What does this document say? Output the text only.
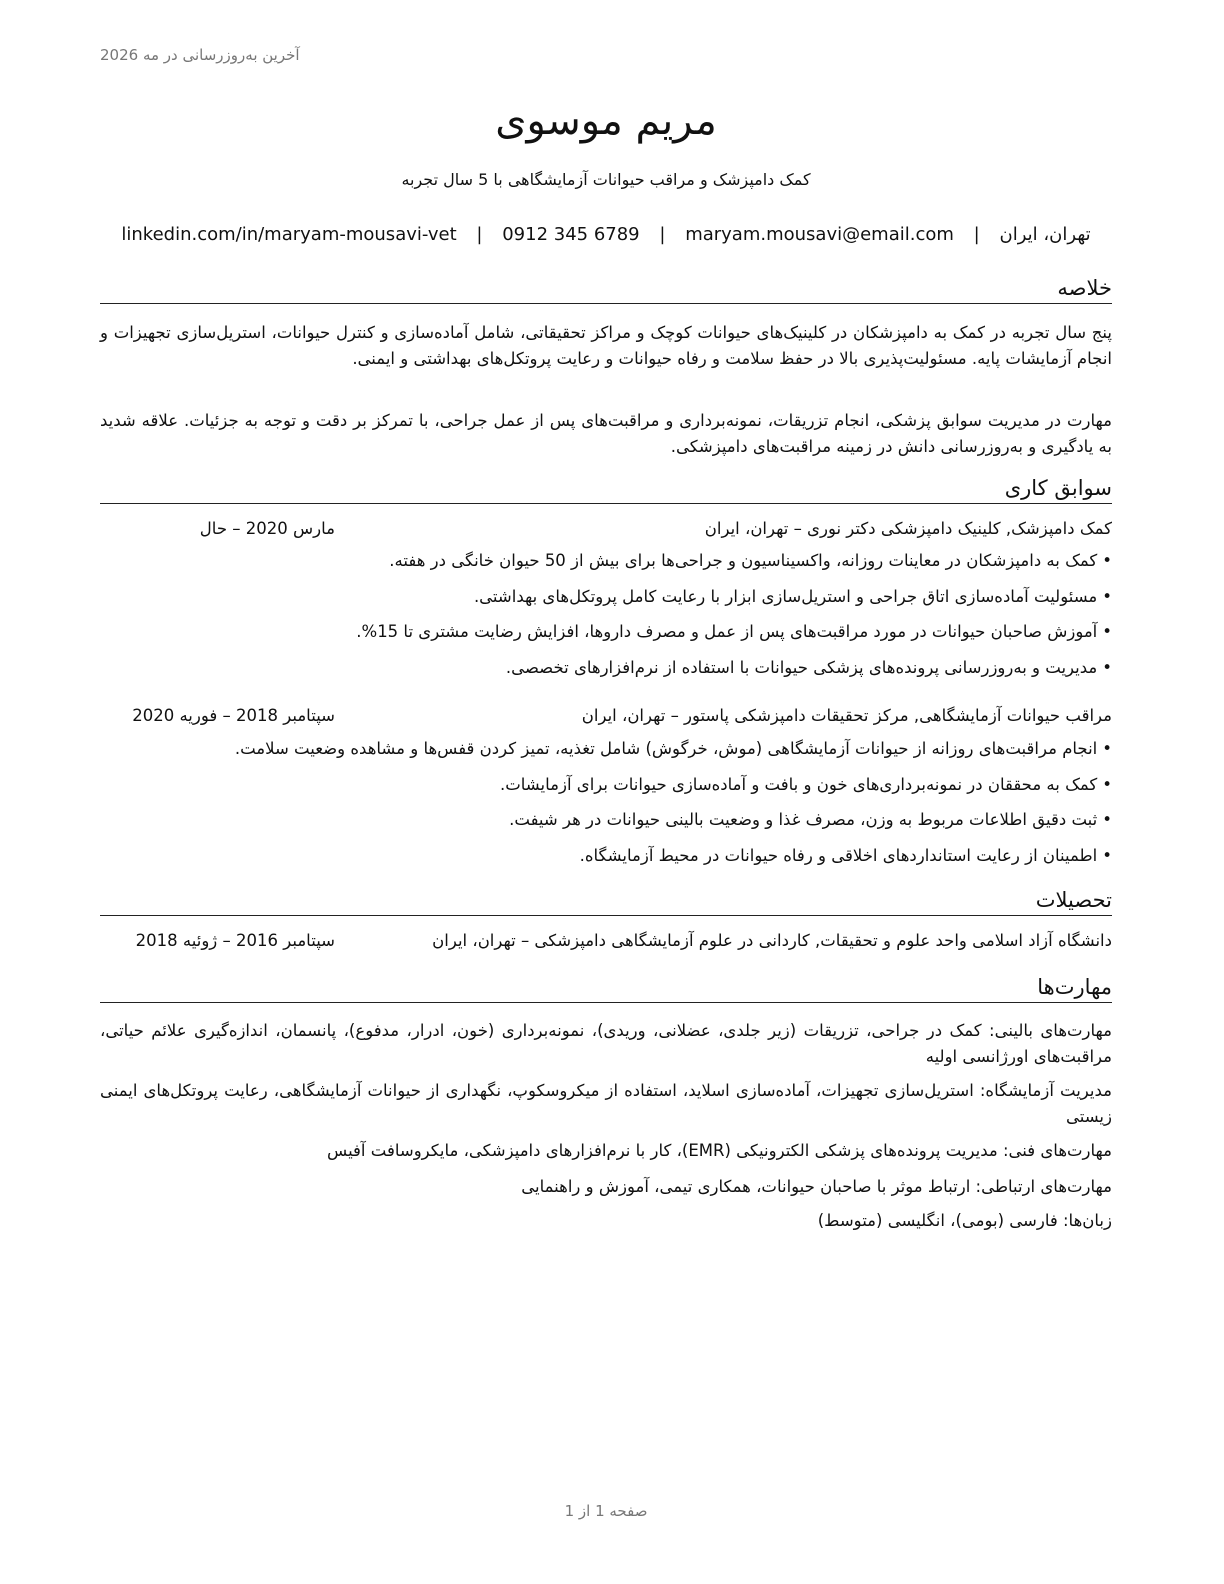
آخرین به‌روزرسانی در مه 2026
مریم موسوی
کمک دامپزشک و مراقب حیوانات آزمایشگاهی با 5 سال تجربه
تهران، ایران | maryam.mousavi@email.com | 0912 345 6789 | linkedin.com/in/maryam-mousavi-vet
خلاصه
پنج سال تجربه در کمک به دامپزشکان در کلینیک‌های حیوانات کوچک و مراکز تحقیقاتی، شامل آماده‌سازی و کنترل حیوانات، استریل‌سازی تجهیزات و انجام آزمایشات پایه. مسئولیت‌پذیری بالا در حفظ سلامت و رفاه حیوانات و رعایت پروتکل‌های بهداشتی و ایمنی.
مهارت در مدیریت سوابق پزشکی، انجام تزریقات، نمونه‌برداری و مراقبت‌های پس از عمل جراحی، با تمرکز بر دقت و توجه به جزئیات. علاقه شدید به یادگیری و به‌روزرسانی دانش در زمینه مراقبت‌های دامپزشکی.
سوابق کاری
کمک دامپزشک, کلینیک دامپزشکی دکتر نوری – تهران، ایران
مارس 2020 – حال
•کمک به دامپزشکان در معاینات روزانه، واکسیناسیون و جراحی‌ها برای بیش از 50 حیوان خانگی در هفته.
•مسئولیت آماده‌سازی اتاق جراحی و استریل‌سازی ابزار با رعایت کامل پروتکل‌های بهداشتی.
•آموزش صاحبان حیوانات در مورد مراقبت‌های پس از عمل و مصرف داروها، افزایش رضایت مشتری تا 15%.
•مدیریت و به‌روزرسانی پرونده‌های پزشکی حیوانات با استفاده از نرم‌افزارهای تخصصی.
مراقب حیوانات آزمایشگاهی, مرکز تحقیقات دامپزشکی پاستور – تهران، ایران
سپتامبر 2018 – فوریه 2020
•انجام مراقبت‌های روزانه از حیوانات آزمایشگاهی (موش، خرگوش) شامل تغذیه، تمیز کردن قفس‌ها و مشاهده وضعیت سلامت.
•کمک به محققان در نمونه‌برداری‌های خون و بافت و آماده‌سازی حیوانات برای آزمایشات.
•ثبت دقیق اطلاعات مربوط به وزن، مصرف غذا و وضعیت بالینی حیوانات در هر شیفت.
•اطمینان از رعایت استانداردهای اخلاقی و رفاه حیوانات در محیط آزمایشگاه.
تحصیلات
دانشگاه آزاد اسلامی واحد علوم و تحقیقات, کاردانی در علوم آزمایشگاهی دامپزشکی – تهران، ایران
سپتامبر 2016 – ژوئیه 2018
مهارت‌ها
مهارت‌های بالینی: کمک در جراحی، تزریقات (زیر جلدی، عضلانی، وریدی)، نمونه‌برداری (خون، ادرار، مدفوع)، پانسمان، اندازه‌گیری علائم حیاتی، مراقبت‌های اورژانسی اولیه
مدیریت آزمایشگاه: استریل‌سازی تجهیزات، آماده‌سازی اسلاید، استفاده از میکروسکوپ، نگهداری از حیوانات آزمایشگاهی، رعایت پروتکل‌های ایمنی زیستی
مهارت‌های فنی: مدیریت پرونده‌های پزشکی الکترونیکی (EMR)، کار با نرم‌افزارهای دامپزشکی، مایکروسافت آفیس
مهارت‌های ارتباطی: ارتباط موثر با صاحبان حیوانات، همکاری تیمی، آموزش و راهنمایی
زبان‌ها: فارسی (بومی)، انگلیسی (متوسط)
صفحه 1 از 1
